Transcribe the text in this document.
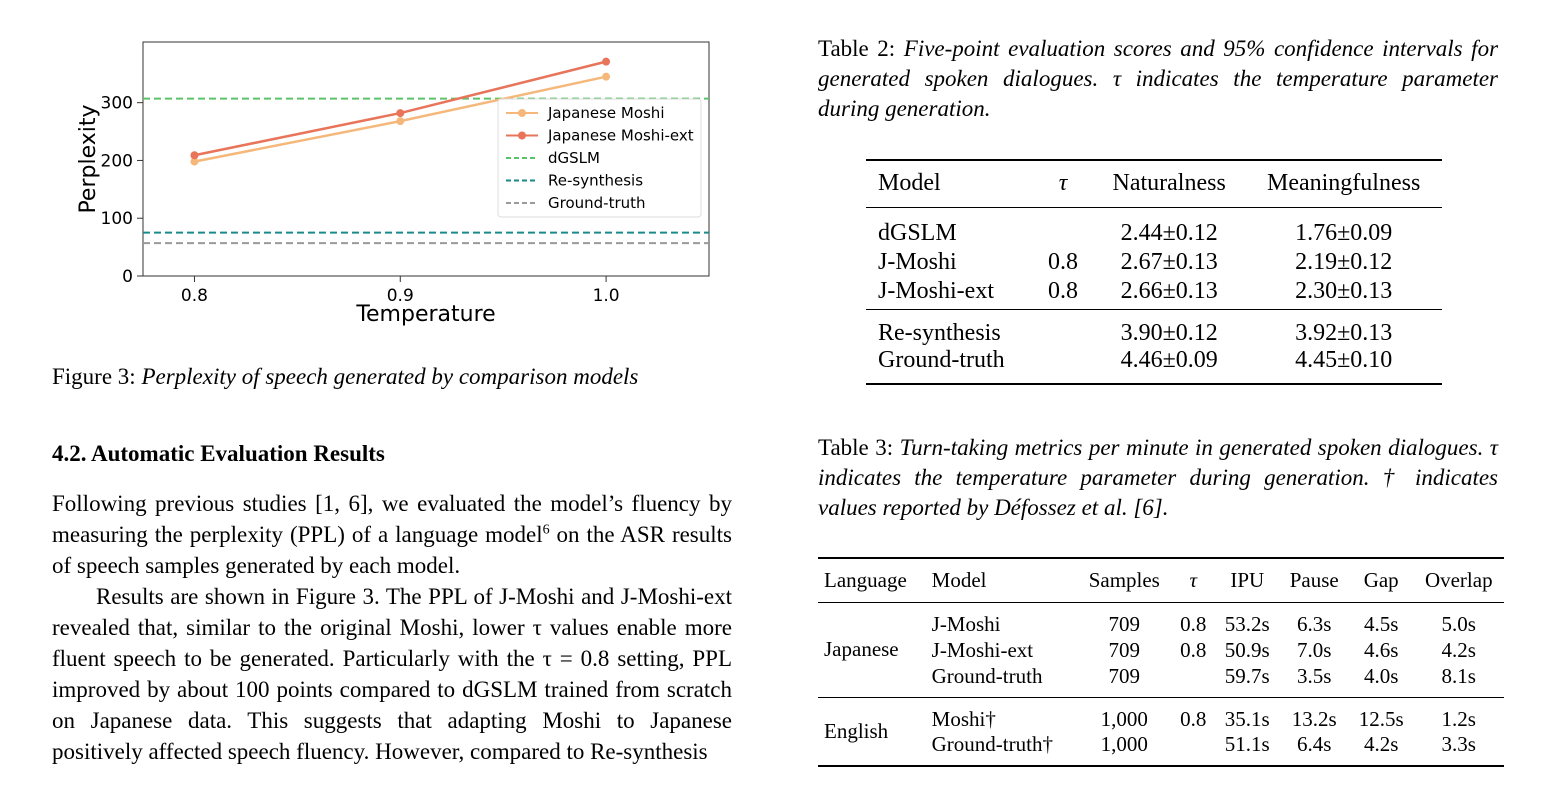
0
100
200
300
0.8	0.9	1.0
Temperature
Perplexity	Japanese Moshi
Japanese Moshi-ext
dGSLM
Re-synthesis
Ground-truth
Figure 3: Perplexity of speech generated by comparison models
4.2. Automatic Evaluation Results

Following previous studies [1, 6], we evaluated the model’s fluency by measuring the perplexity (PPL) of a language model$^6$ on the ASR results of speech samples generated by each model.

Results are shown in Figure 3. The PPL of J-Moshi and J-Moshi-ext revealed that, similar to the original Moshi, lower τ values enable more fluent speech to be generated. Particularly with the τ = 0.8 setting, PPL improved by about 100 points compared to dGSLM trained from scratch on Japanese data. This suggests that adapting Moshi to Japanese positively affected speech fluency. However, compared to Re-synthesis

Table 2: Five-point evaluation scores and 95% confidence intervals for generated spoken dialogues. τ indicates the temperature parameter during generation.
Model	τ	Naturalness	Meaningfulness
dGSLM		2.44±0.12	1.76±0.09
J-Moshi	0.8	2.67±0.13	2.19±0.12
J-Moshi-ext	0.8	2.66±0.13	2.30±0.13
Re-synthesis		3.90±0.12	3.92±0.13
Ground-truth		4.46±0.09	4.45±0.10
Table 3: Turn-taking metrics per minute in generated spoken dialogues. τ indicates the temperature parameter during generation. † indicates values reported by Défossez et al. [6].
Language	Model	Samples	τ	IPU	Pause	Gap	Overlap
Japanese	J-Moshi	709	0.8	53.2s	6.3s	4.5s	5.0s
	J-Moshi-ext	709	0.8	50.9s	7.0s	4.6s	4.2s
	Ground-truth	709		59.7s	3.5s	4.0s	8.1s
English	Moshi†	1,000	0.8	35.1s	13.2s	12.5s	1.2s
	Ground-truth†	1,000		51.1s	6.4s	4.2s	3.3s
